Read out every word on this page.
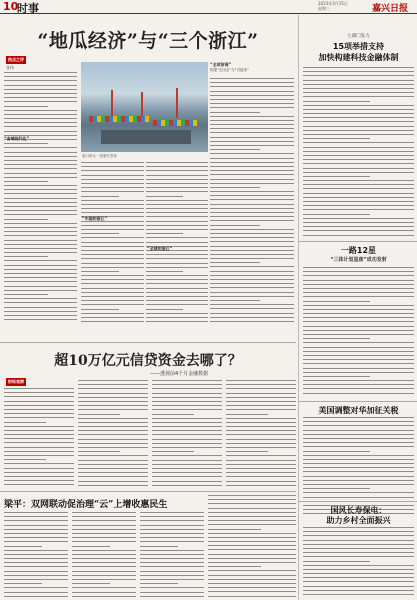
10
时事	2023年3月15日
星期三	嘉兴日报
“地瓜经济”与“三个浙江”
热点之评
张伟
“省域现代化”
港口码头一派繁忙景象
“全球浙商”
构建“走出去”与“引进来”
“中国的浙江”
“全球的浙江”
超10万亿元信贷资金去哪了？
——透视前4个月金融数据
财经观察
梁平：双网联动促治理“云”上增收惠民生
七部门发力
15项举措支持
加快构建科技金融体制
一路12星
“三体计划星座”成功发射
美国调整对华加征关税
国风长寿保电：
助力乡村全面振兴
